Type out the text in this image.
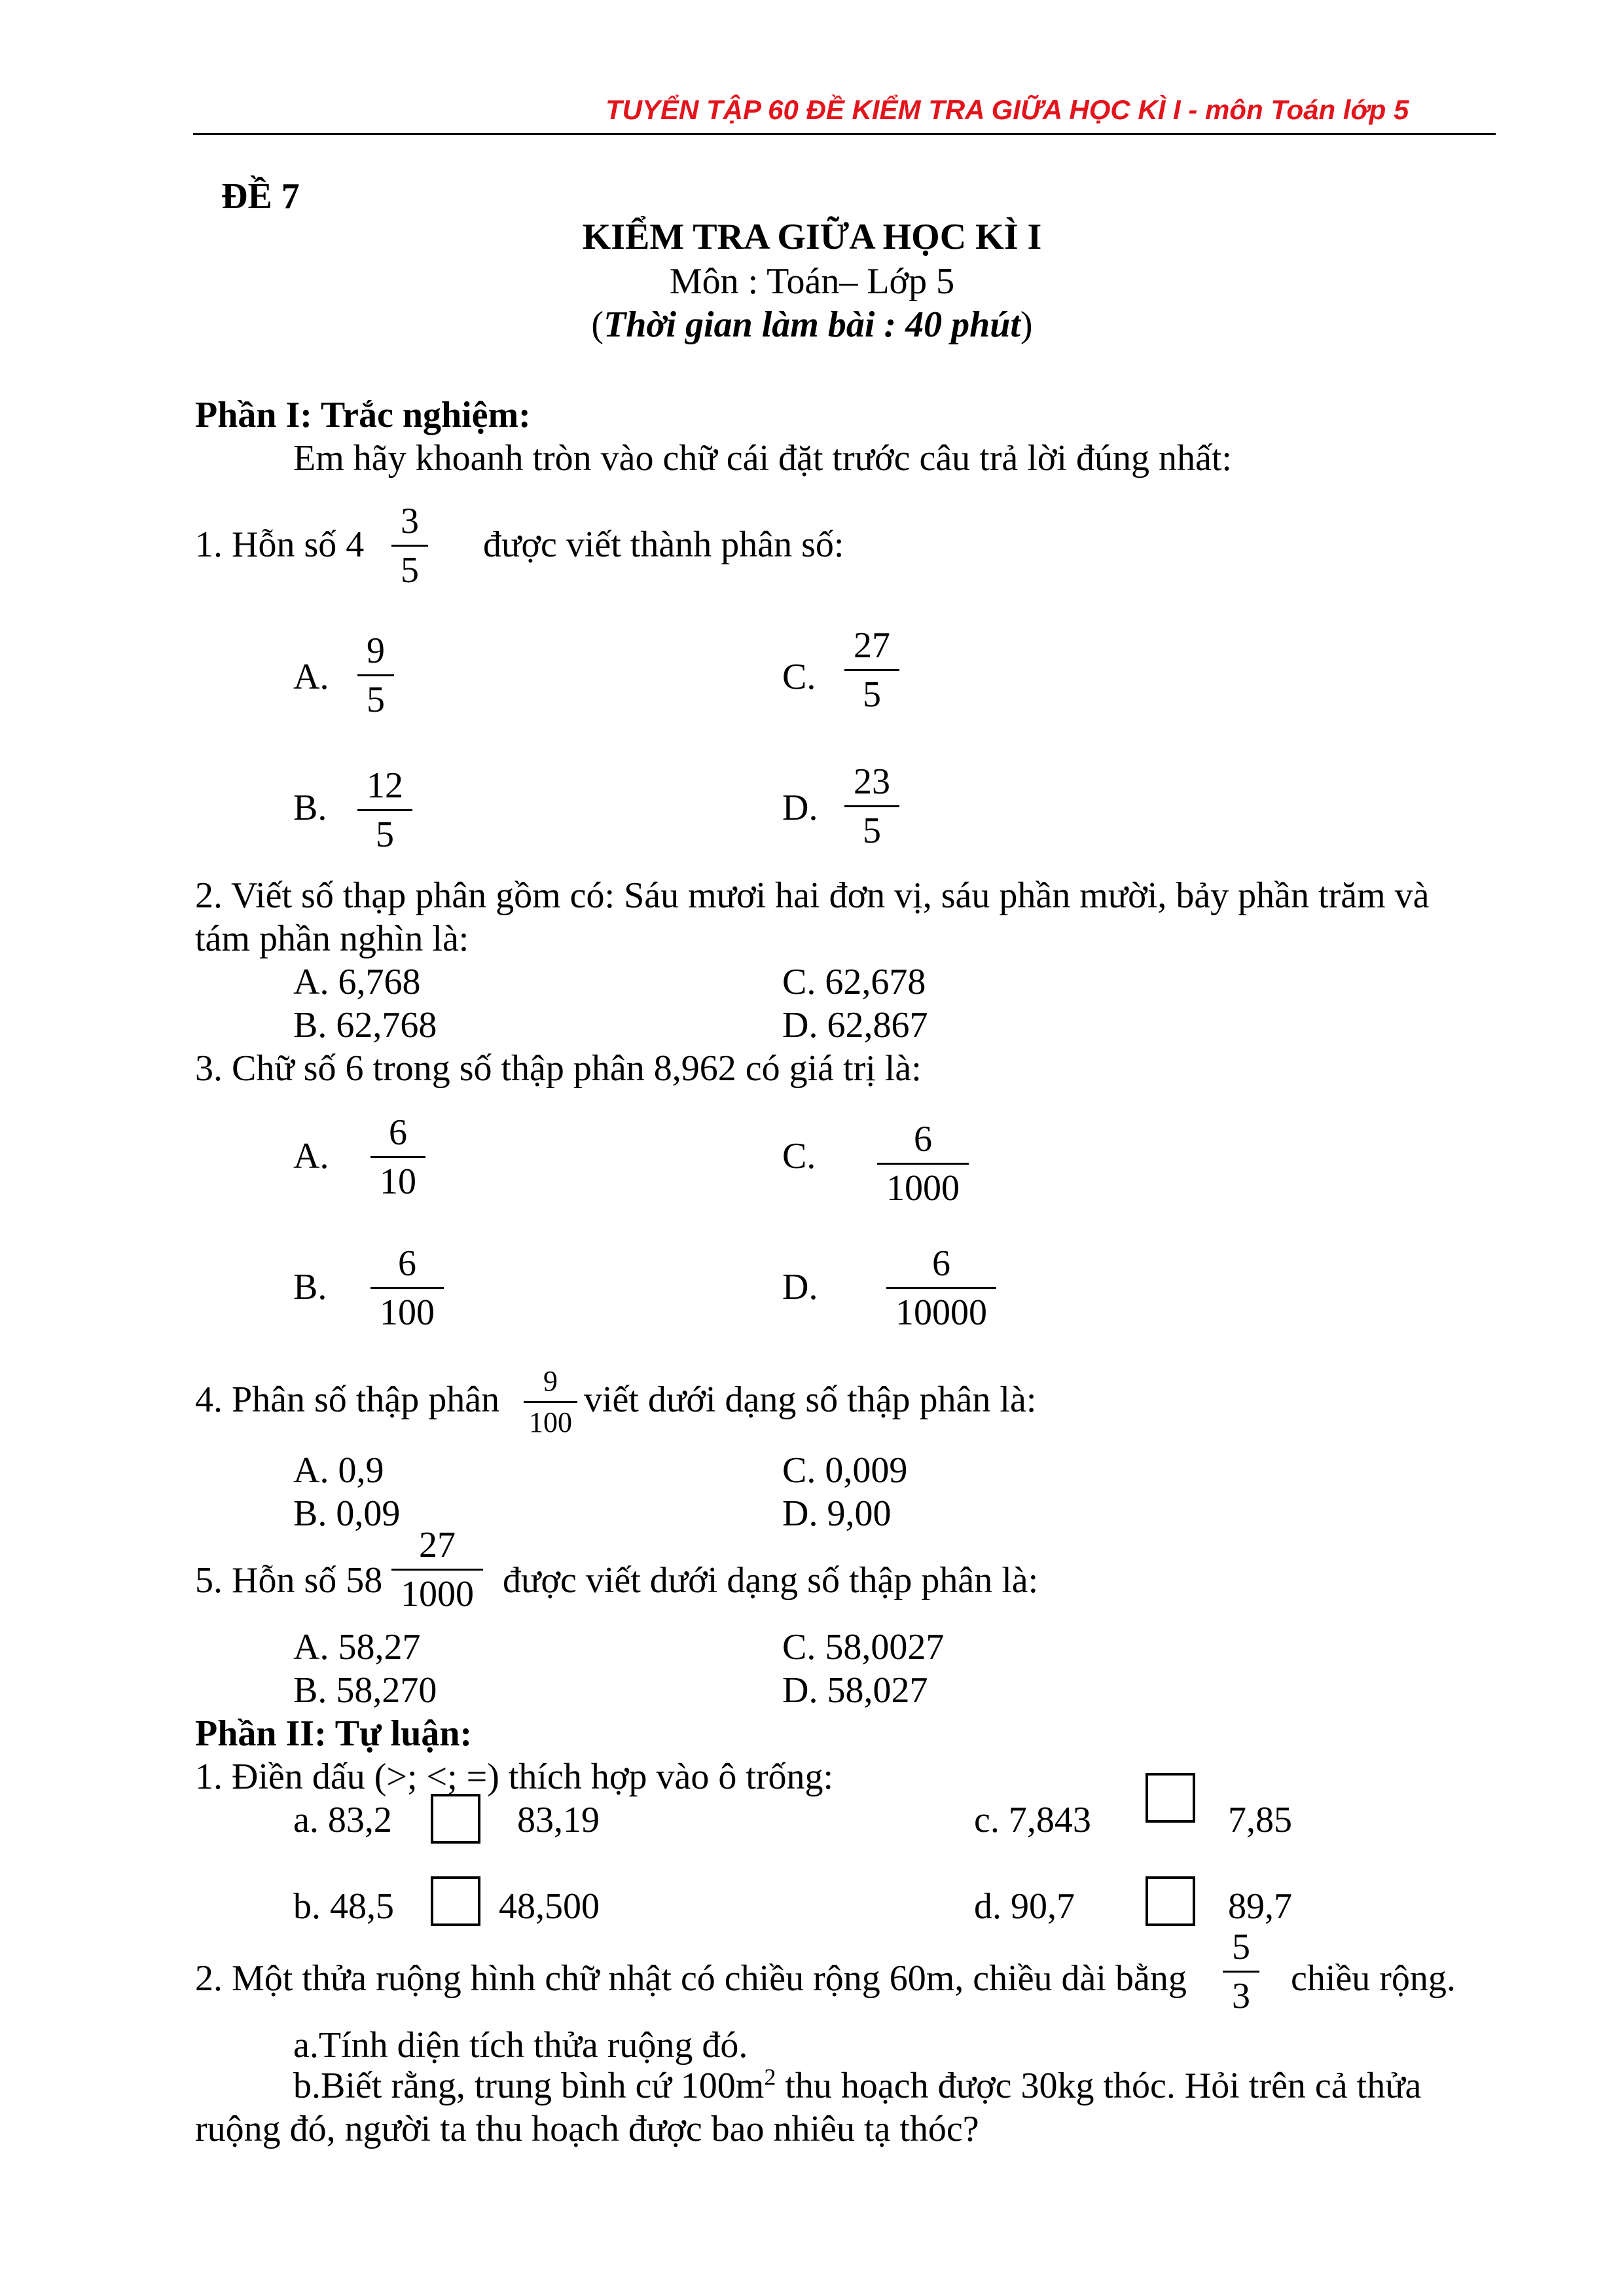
TUYỂN TẬP 60 ĐỀ KIỂM TRA GIỮA HỌC KÌ I - môn Toán lớp 5
ĐỀ 7
KIỂM TRA GIỮA HỌC KÌ I
Môn : Toán– Lớp 5
(Thời gian làm bài : 40 phút)
Phần I: Trắc nghiệm:
Em hãy khoanh tròn vào chữ cái đặt trước câu trả lời đúng nhất:
1. Hỗn số 4
3
5
được viết thành phân số:
A.
9
5
C.
27
5
B.
12
5
D.
23
5
2. Viết số thạp phân gồm có: Sáu mươi hai đơn vị, sáu phần mười, bảy phần trăm và
tám phần nghìn là:
A. 6,768	C. 62,678
B. 62,768	D. 62,867
3. Chữ số 6 trong số thập phân 8,962 có giá trị là:
A.
6
10
C.	6
1000
B.
6
100
D.
6
10000
4. Phân số thập phân 9
100
viết dưới dạng số thập phân là:
A. 0,9	C. 0,009
B. 0,09	D. 9,00
5. Hỗn số 58
27
1000 được viết dưới dạng số thập phân là:
A. 58,27	C. 58,0027
B. 58,270	D. 58,027
Phần II: Tự luận:
1. Điền dấu (>; <; =) thích hợp vào ô trống:
a. 83,2	83,19	c. 7,843	7,85
b. 48,5	48,500	d. 90,7	89,7
2. Một thửa ruộng hình chữ nhật có chiều rộng 60m, chiều dài bằng
5
3 chiều rộng.
a.Tính diện tích thửa ruộng đó.
b.Biết rằng, trung bình cứ $100m^2$ thu hoạch được 30kg thóc. Hỏi trên cả thửa
ruộng đó, người ta thu hoạch được bao nhiêu tạ thóc?
